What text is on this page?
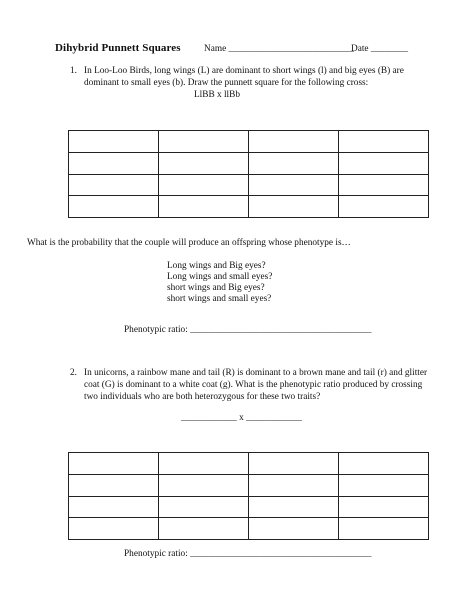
Dihybrid Punnett Squares	Name ___________________________
Date ________
1. In Loo-Loo Birds, long wings (L) are dominant to short wings (l) and big eyes (B) are
dominant to small eyes (b). Draw the punnett square for the following cross:
LlBB x llBb

What is the probability that the couple will produce an offspring whose phenotype is…
Long wings and Big eyes?
Long wings and small eyes?
short wings and Big eyes?
short wings and small eyes?
Phenotypic ratio: _______________________________________
2. In unicorns, a rainbow mane and tail (R) is dominant to a brown mane and tail (r) and glitter
coat (G) is dominant to a white coat (g). What is the phenotypic ratio produced by crossing
two individuals who are both heterozygous for these two traits?
____________ x ____________

Phenotypic ratio: _______________________________________
